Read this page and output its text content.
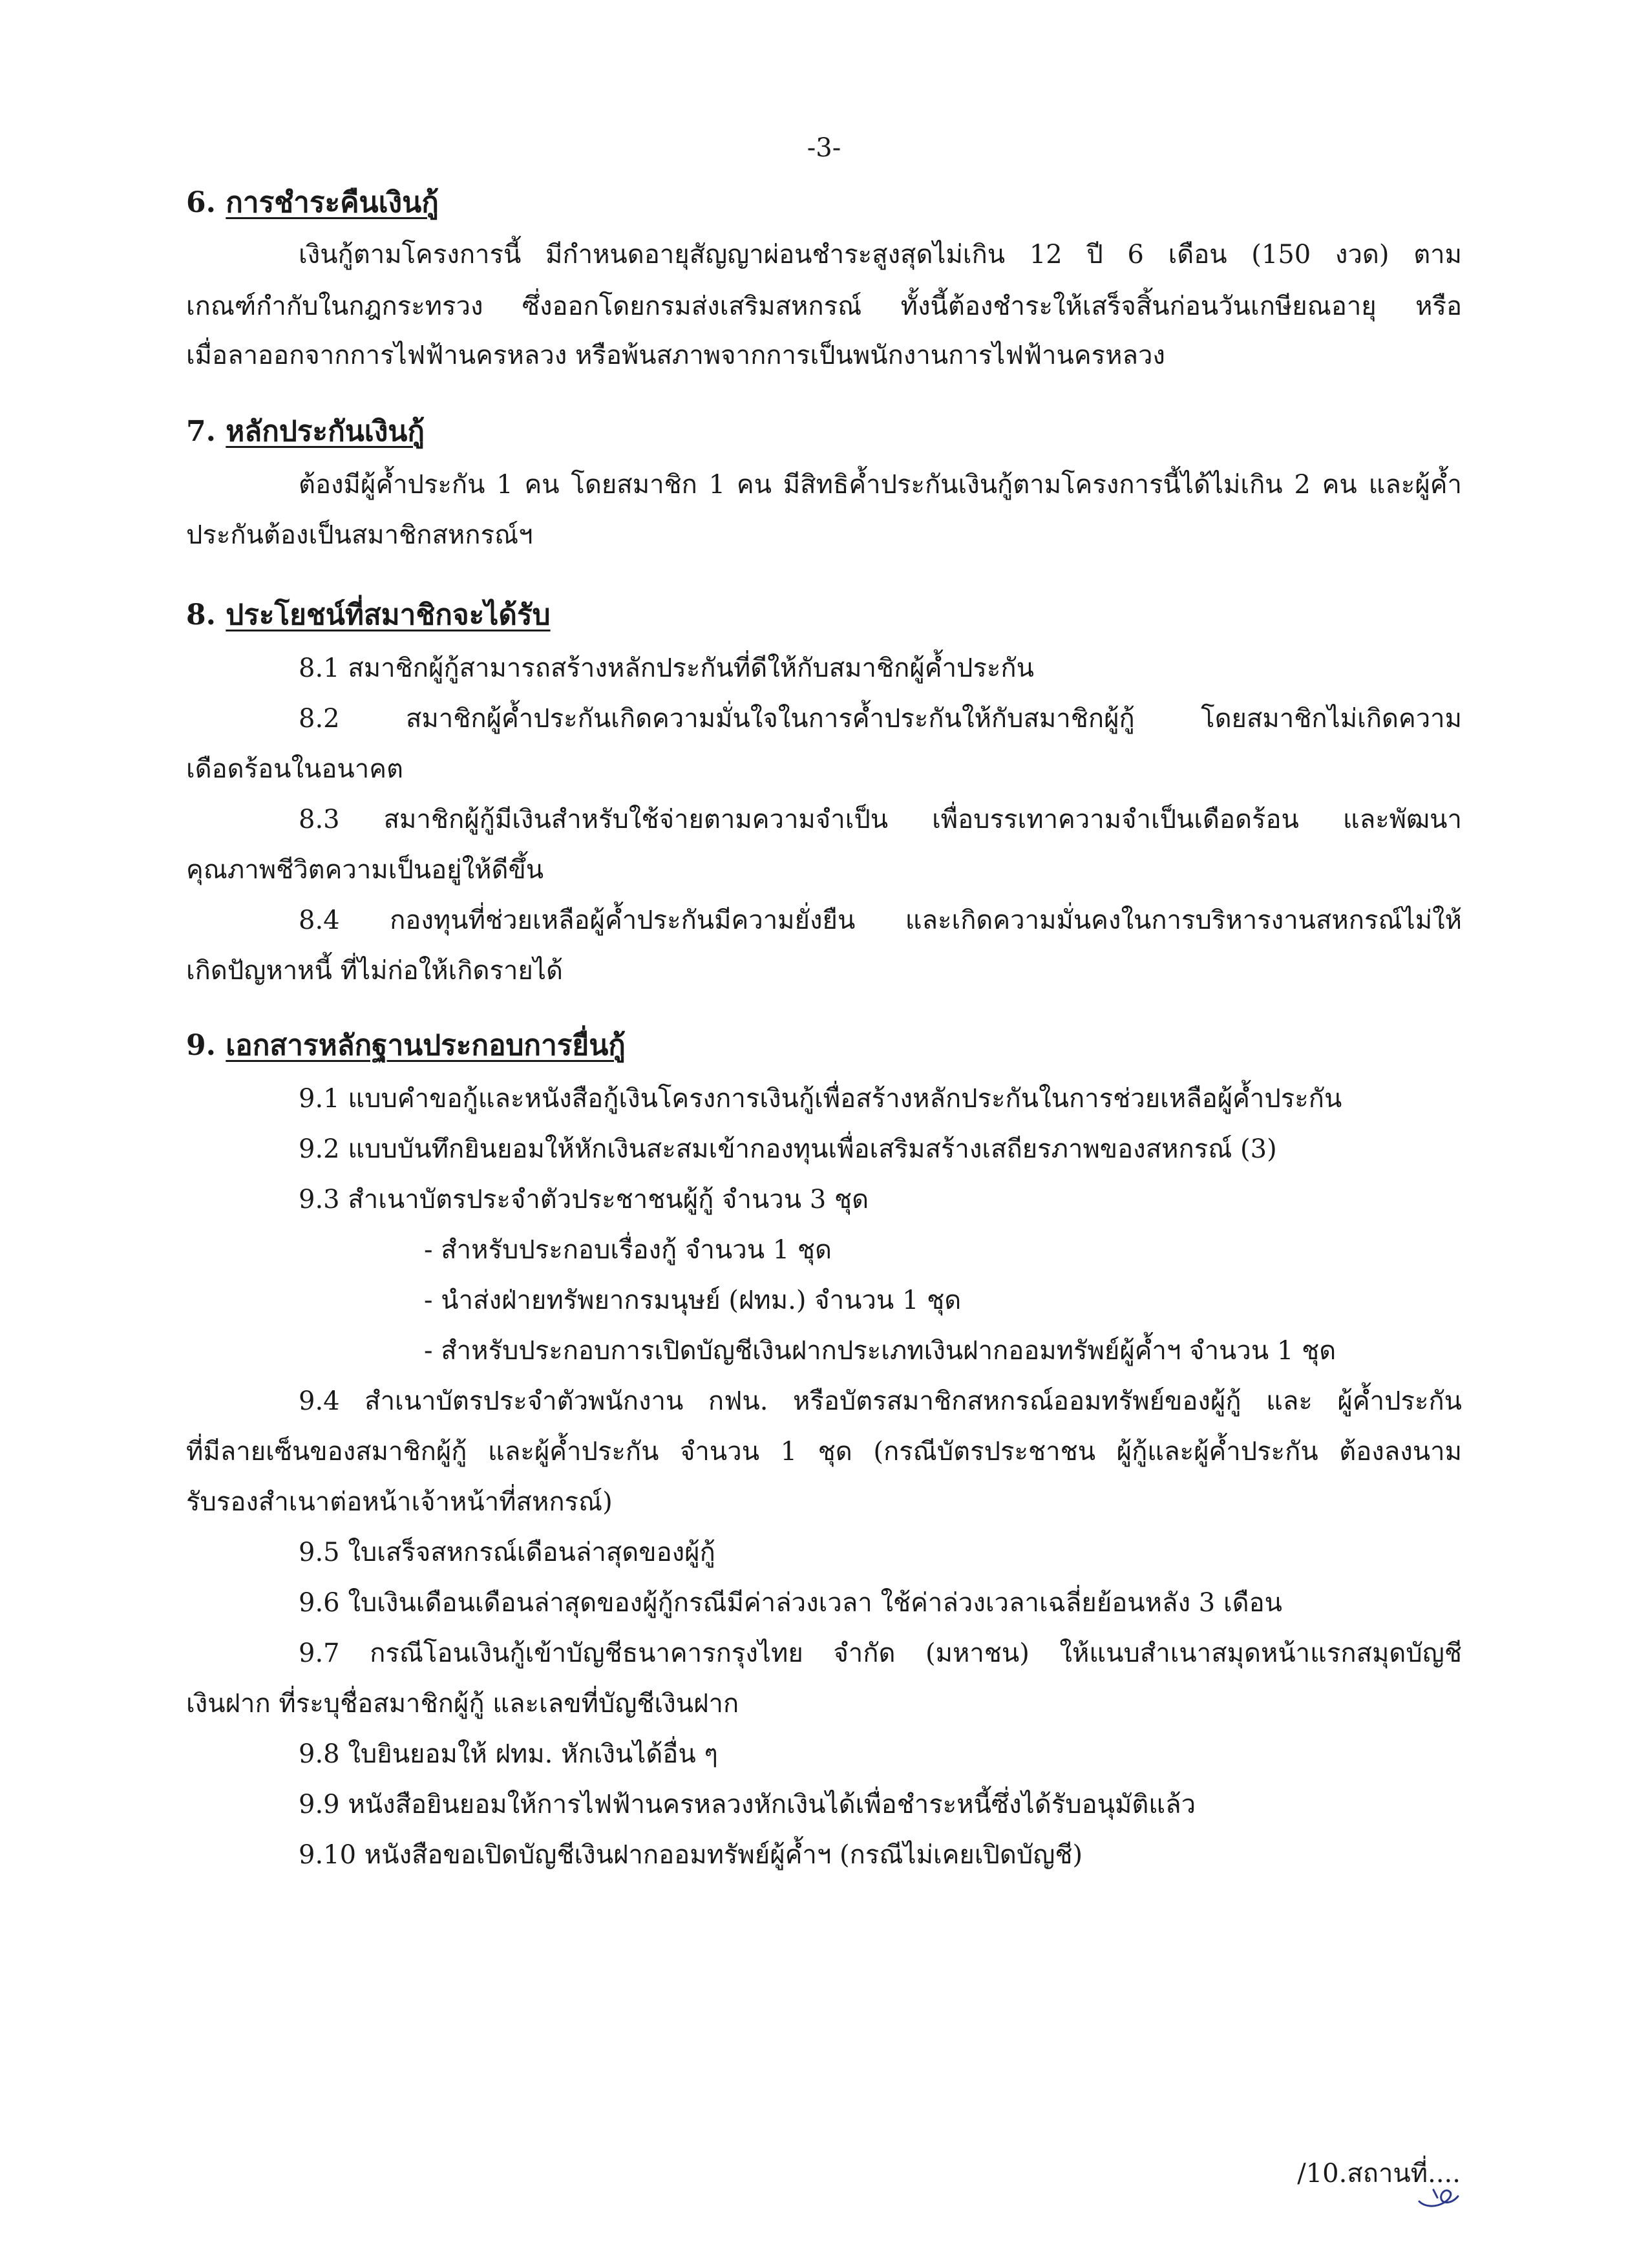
-3-
6. การชำระคืนเงินกู้
เงินกู้ตามโครงการนี้ มีกำหนดอายุสัญญาผ่อนชำระสูงสุดไม่เกิน 12 ปี 6 เดือน (150 งวด) ตาม
เกณฑ์กำกับในกฎกระทรวง ซึ่งออกโดยกรมส่งเสริมสหกรณ์ ทั้งนี้ต้องชำระให้เสร็จสิ้นก่อนวันเกษียณอายุ หรือ
เมื่อลาออกจากการไฟฟ้านครหลวง หรือพ้นสภาพจากการเป็นพนักงานการไฟฟ้านครหลวง
7. หลักประกันเงินกู้
ต้องมีผู้ค้ำประกัน 1 คน โดยสมาชิก 1 คน มีสิทธิค้ำประกันเงินกู้ตามโครงการนี้ได้ไม่เกิน 2 คน และผู้ค้ำ
ประกันต้องเป็นสมาชิกสหกรณ์ฯ
8. ประโยชน์ที่สมาชิกจะได้รับ
8.1 สมาชิกผู้กู้สามารถสร้างหลักประกันที่ดีให้กับสมาชิกผู้ค้ำประกัน
8.2 สมาชิกผู้ค้ำประกันเกิดความมั่นใจในการค้ำประกันให้กับสมาชิกผู้กู้ โดยสมาชิกไม่เกิดความ
เดือดร้อนในอนาคต
8.3 สมาชิกผู้กู้มีเงินสำหรับใช้จ่ายตามความจำเป็น เพื่อบรรเทาความจำเป็นเดือดร้อน และพัฒนา
คุณภาพชีวิตความเป็นอยู่ให้ดีขึ้น
8.4 กองทุนที่ช่วยเหลือผู้ค้ำประกันมีความยั่งยืน และเกิดความมั่นคงในการบริหารงานสหกรณ์ไม่ให้
เกิดปัญหาหนี้ ที่ไม่ก่อให้เกิดรายได้
9. เอกสารหลักฐานประกอบการยื่นกู้
9.1 แบบคำขอกู้และหนังสือกู้เงินโครงการเงินกู้เพื่อสร้างหลักประกันในการช่วยเหลือผู้ค้ำประกัน
9.2 แบบบันทึกยินยอมให้หักเงินสะสมเข้ากองทุนเพื่อเสริมสร้างเสถียรภาพของสหกรณ์ (3)
9.3 สำเนาบัตรประจำตัวประชาชนผู้กู้ จำนวน 3 ชุด
- สำหรับประกอบเรื่องกู้ จำนวน 1 ชุด
- นำส่งฝ่ายทรัพยากรมนุษย์ (ฝทม.) จำนวน 1 ชุด
- สำหรับประกอบการเปิดบัญชีเงินฝากประเภทเงินฝากออมทรัพย์ผู้ค้ำฯ จำนวน 1 ชุด
9.4 สำเนาบัตรประจำตัวพนักงาน กฟน. หรือบัตรสมาชิกสหกรณ์ออมทรัพย์ของผู้กู้ และ ผู้ค้ำประกัน
ที่มีลายเซ็นของสมาชิกผู้กู้ และผู้ค้ำประกัน จำนวน 1 ชุด (กรณีบัตรประชาชน ผู้กู้และผู้ค้ำประกัน ต้องลงนาม
รับรองสำเนาต่อหน้าเจ้าหน้าที่สหกรณ์)
9.5 ใบเสร็จสหกรณ์เดือนล่าสุดของผู้กู้
9.6 ใบเงินเดือนเดือนล่าสุดของผู้กู้กรณีมีค่าล่วงเวลา ใช้ค่าล่วงเวลาเฉลี่ยย้อนหลัง 3 เดือน
9.7 กรณีโอนเงินกู้เข้าบัญชีธนาคารกรุงไทย จำกัด (มหาชน) ให้แนบสำเนาสมุดหน้าแรกสมุดบัญชี
เงินฝาก ที่ระบุชื่อสมาชิกผู้กู้ และเลขที่บัญชีเงินฝาก
9.8 ใบยินยอมให้ ฝทม. หักเงินได้อื่น ๆ
9.9 หนังสือยินยอมให้การไฟฟ้านครหลวงหักเงินได้เพื่อชำระหนี้ซึ่งได้รับอนุมัติแล้ว
9.10 หนังสือขอเปิดบัญชีเงินฝากออมทรัพย์ผู้ค้ำฯ (กรณีไม่เคยเปิดบัญชี)
/10.สถานที่....
